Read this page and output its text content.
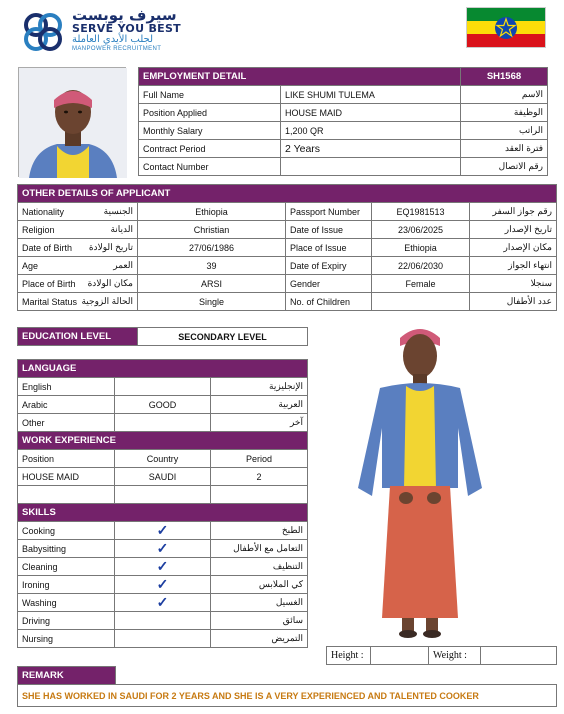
سيرف يوبست
SERVE YOU BEST
لجلب الأيدي العاملة
MANPOWER RECRUITMENT
EMPLOYMENT DETAIL		SH1568
Full Name	LIKE SHUMI TULEMA	الاسم
Position Applied	HOUSE MAID	الوظيفة
Monthly Salary	1,200 QR	الراتب
Contract Period	2 Years	فترة العقد
Contact Number		رقم الاتصال
OTHER DETAILS OF APPLICANT					
Nationality	الجنسية	Ethiopia	Passport Number	EQ1981513	رقم جواز السفر
Religion	الديانة	Christian	Date of Issue	23/06/2025	تاريخ الإصدار
Date of Birth	تاريخ الولادة	27/06/1986	Place of Issue	Ethiopia	مكان الإصدار
Age	العمر	39	Date of Expiry	22/06/2030	انتهاء الجواز
Place of Birth	مكان الولادة	ARSI	Gender	Female	سنجلا
Marital Status	الحالة الزوجية	Single	No. of Children		عدد الأطفال
EDUCATION LEVEL	SECONDARY LEVEL
LANGUAGE		
English		الإنجليزية
Arabic	GOOD	العربية
Other		آخر
WORK EXPERIENCE		
Position	Country	Period
HOUSE MAID	SAUDI	2

SKILLS		
Cooking	✓	الطبخ
Babysitting	✓	التعامل مع الأطفال
Cleaning	✓	التنظيف
Ironing	✓	كي الملابس
Washing	✓	الغسيل
Driving		سائق
Nursing		التمريض
Height :		Weight :	
REMARK	
SHE HAS WORKED IN SAUDI FOR 2 YEARS AND SHE IS A VERY EXPERIENCED AND TALENTED COOKER
